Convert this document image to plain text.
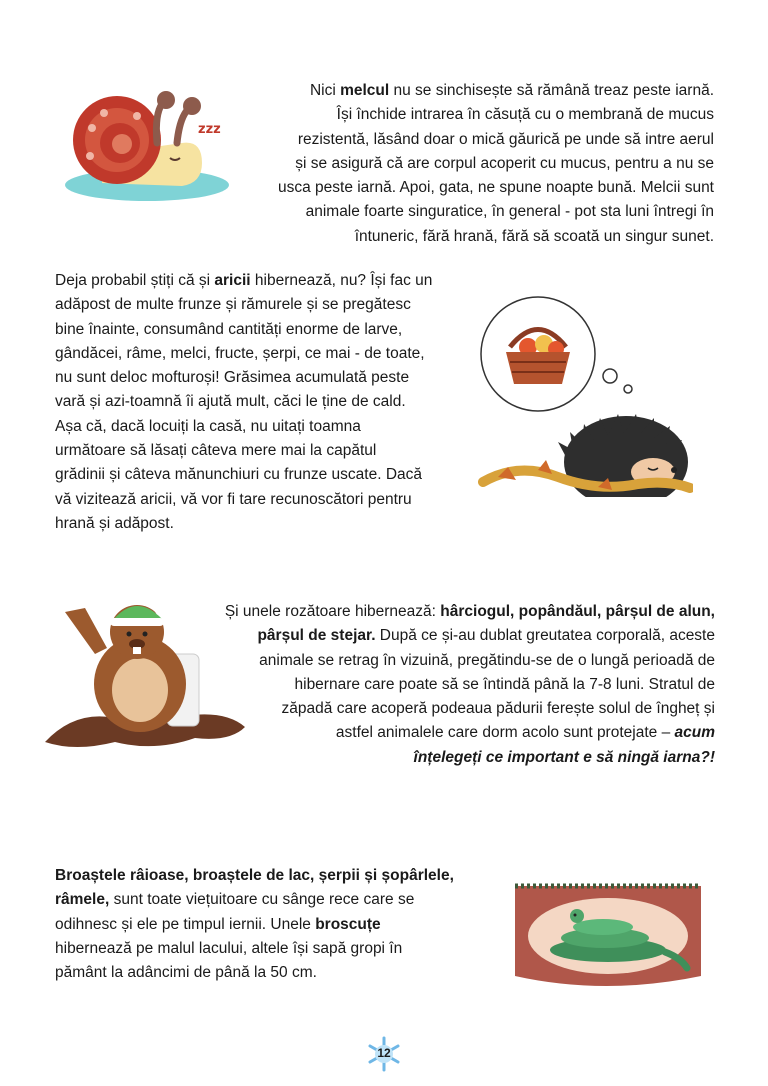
zzz
Nici melcul nu se sinchisește să rămână treaz peste iarnă.
Își închide intrarea în căsuță cu o membrană de mucus
rezistentă, lăsând doar o mică găurică pe unde să intre aerul
și se asigură că are corpul acoperit cu mucus, pentru a nu se
usca peste iarnă. Apoi, gata, ne spune noapte bună. Melcii sunt
animale foarte singuratice, în general - pot sta luni întregi în
întuneric, fără hrană, fără să scoată un singur sunet.
Deja probabil știți că și aricii hibernează, nu? Își fac un
adăpost de multe frunze și rămurele și se pregătesc
bine înainte, consumând cantități enorme de larve,
gândăcei, râme, melci, fructe, șerpi, ce mai - de toate,
nu sunt deloc mofturoși! Grăsimea acumulată peste
vară și azi-toamnă îi ajută mult, căci le ține de cald.
Așa că, dacă locuiți la casă, nu uitați toamna
următoare să lăsați câteva mere mai la capătul
grădinii și câteva mănunchiuri cu frunze uscate. Dacă
vă vizitează aricii, vă vor fi tare recunoscători pentru
hrană și adăpost.
Și unele rozătoare hibernează: hârciogul, popândăul, pârșul de alun,
pârșul de stejar. După ce și-au dublat greutatea corporală, aceste
animale se retrag în vizuină, pregătindu-se de o lungă perioadă de
hibernare care poate să se întindă până la 7-8 luni. Stratul de
zăpadă care acoperă podeaua pădurii ferește solul de îngheț și
astfel animalele care dorm acolo sunt protejate – acum
înțelegeți ce important e să ningă iarna?!
Broaștele râioase, broaștele de lac, șerpii și șopârlele,
râmele, sunt toate viețuitoare cu sânge rece care se
odihnesc și ele pe timpul iernii. Unele broscuțe
hibernează pe malul lacului, altele își sapă gropi în
pământ la adâncimi de până la 50 cm.
12
